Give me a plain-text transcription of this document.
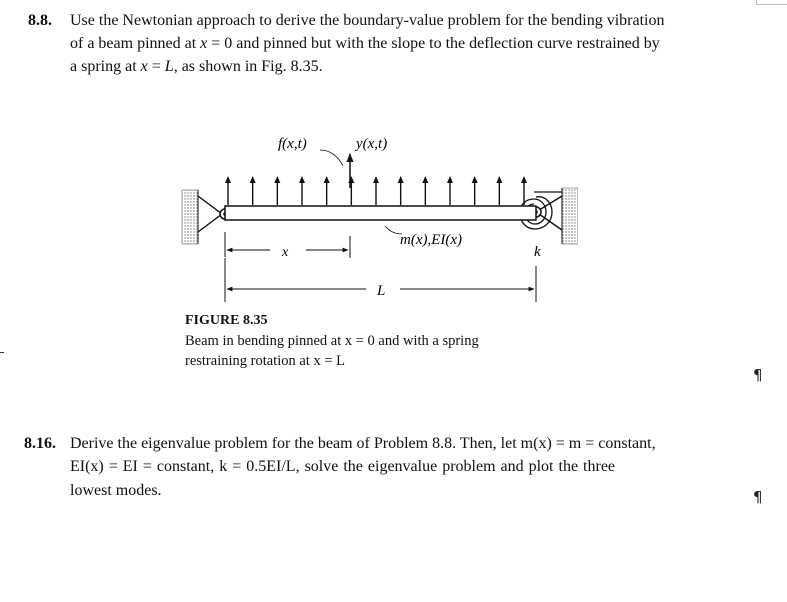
8.8. Use the Newtonian approach to derive the boundary-value problem for the bending vibration
of a beam pinned at x = 0 and pinned but with the slope to the deflection curve restrained by
a spring at x = L, as shown in Fig. 8.35.
f(x,t)	y(x,t)
m(x),EI(x)
k
x
L
FIGURE 8.35
Beam in bending pinned at x = 0 and with a spring
restraining rotation at x = L
¶
8.16. Derive the eigenvalue problem for the beam of Problem 8.8. Then, let m(x) = m = constant,
EI(x) = EI = constant, k = 0.5EI/L, solve the eigenvalue problem and plot the three
lowest modes.	¶
